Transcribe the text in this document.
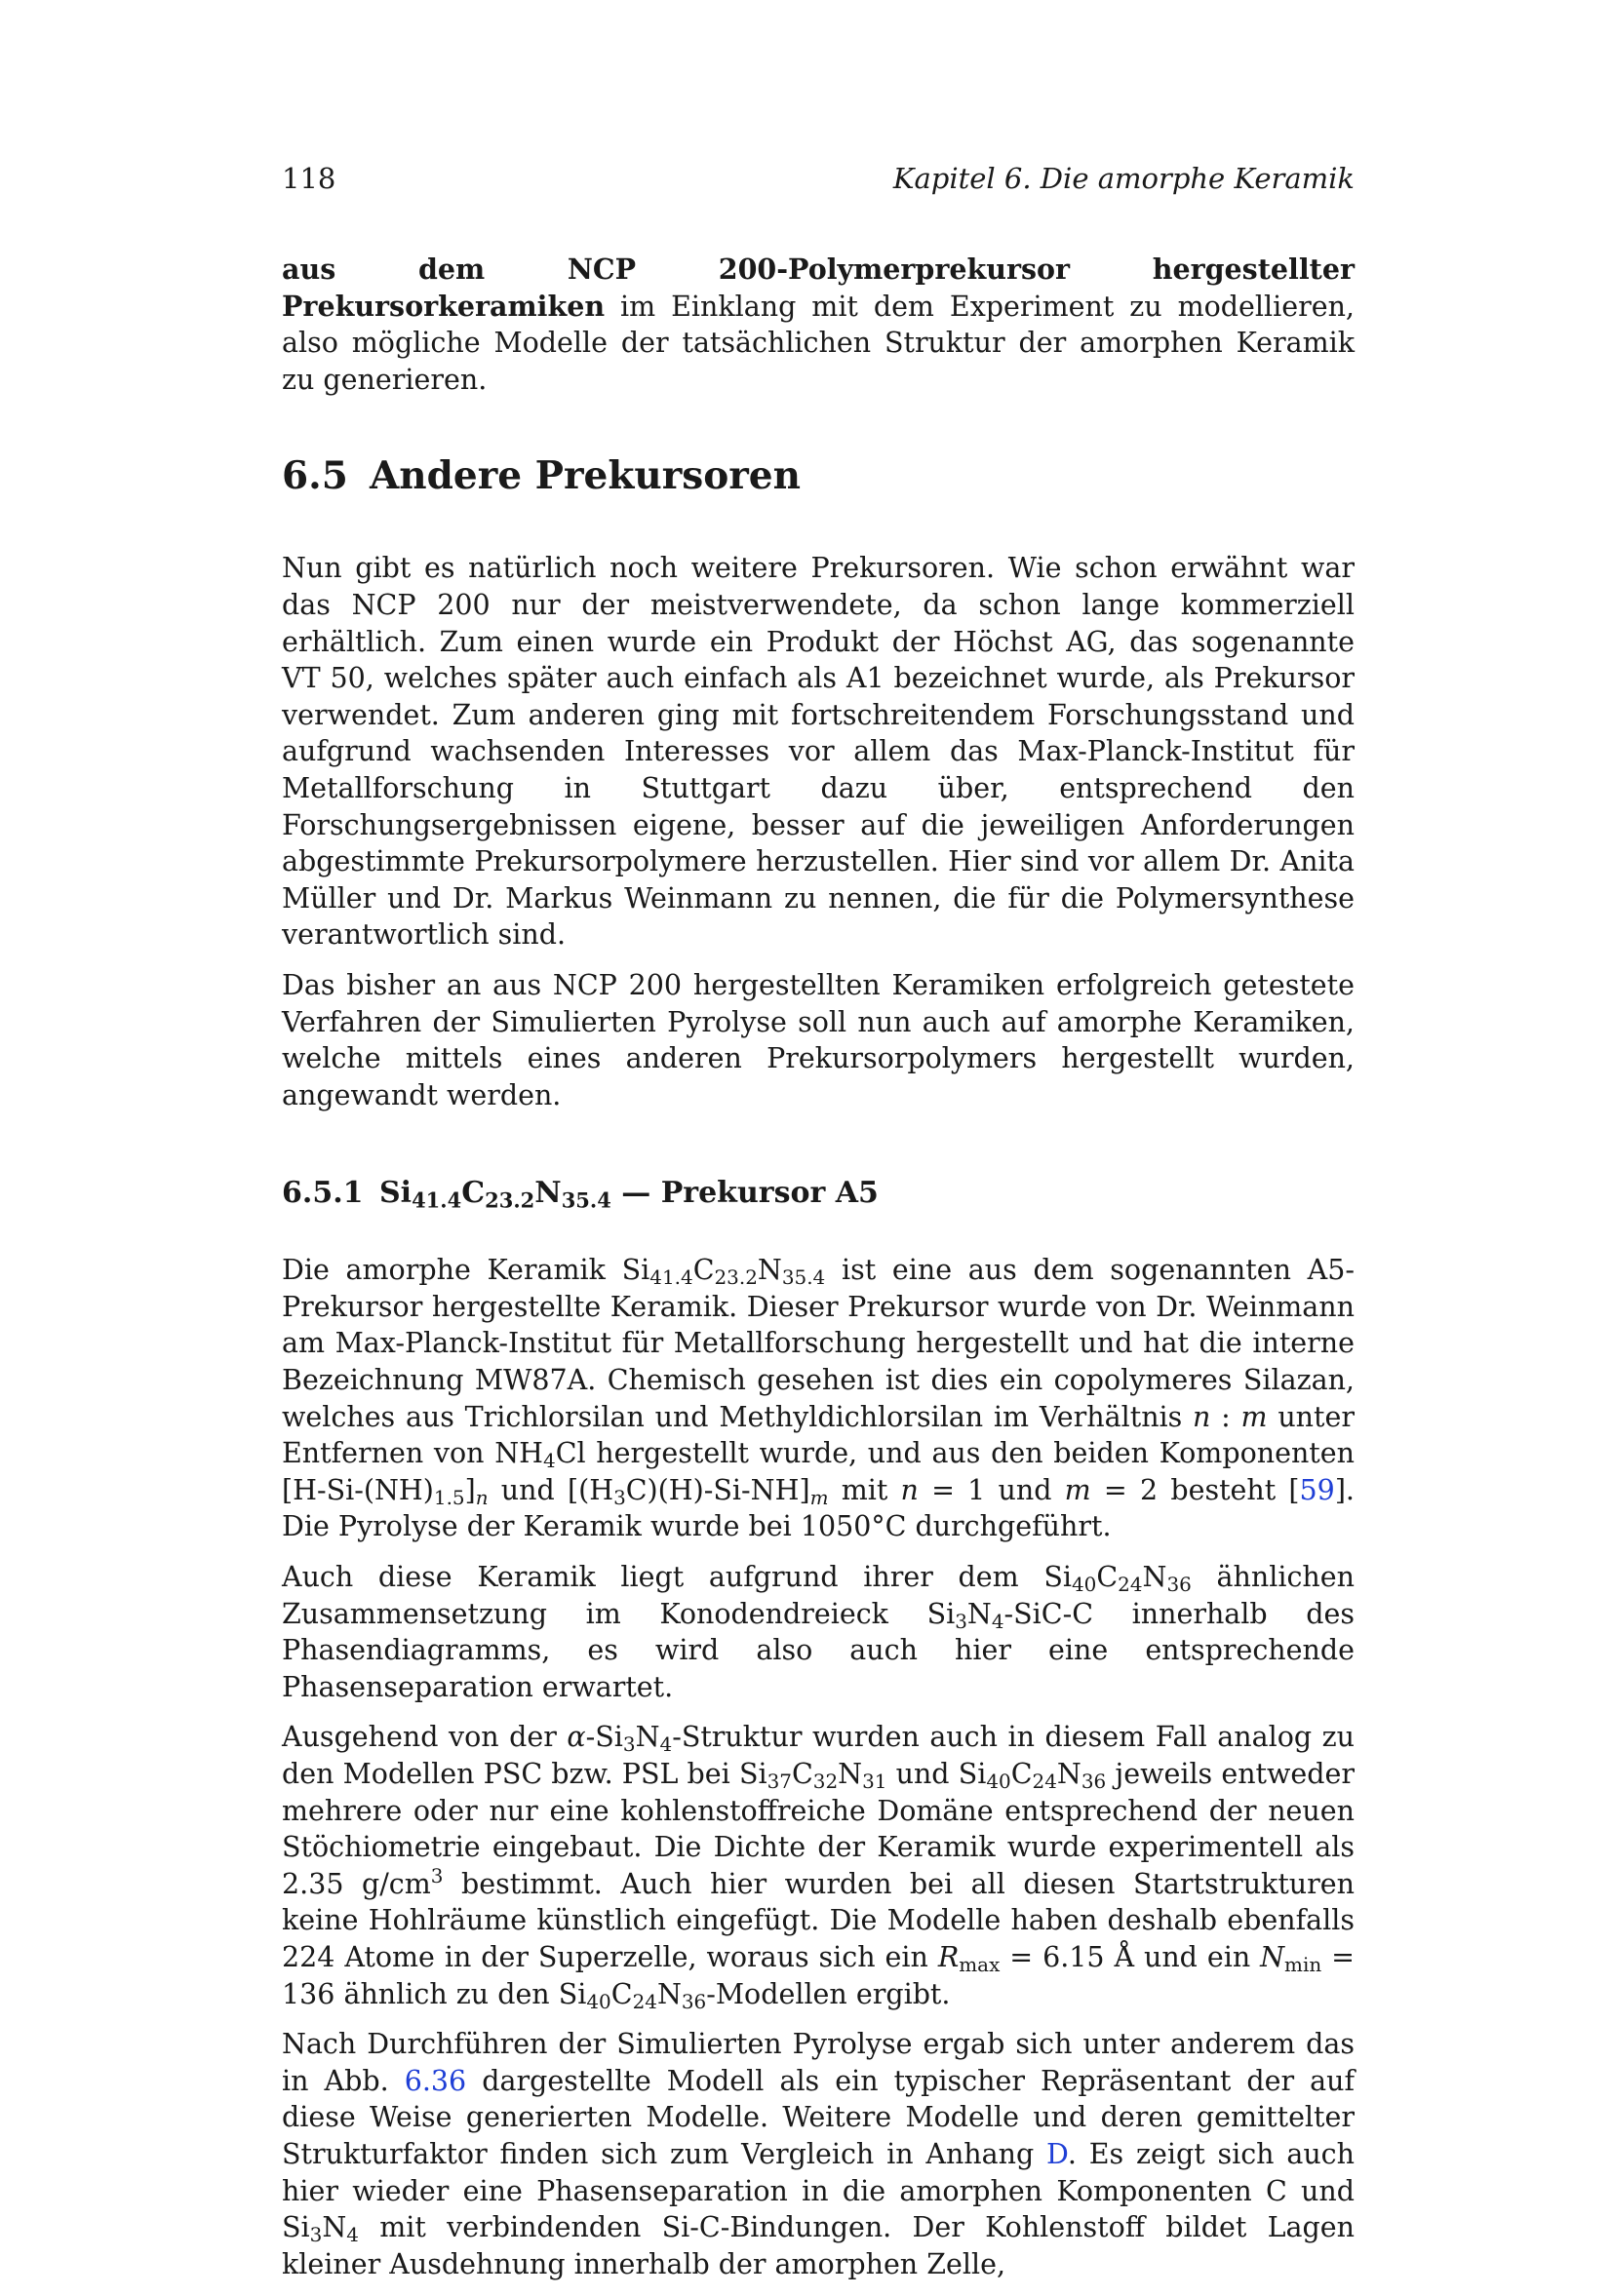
118	Kapitel 6. Die amorphe Keramik

aus dem NCP 200-Polymerprekursor hergestellter Prekursorkeramiken im Einklang mit dem Experiment zu modellieren, also mögliche Modelle der tatsächlichen Struktur der amorphen Keramik zu generieren.

6.5 Andere Prekursoren

Nun gibt es natürlich noch weitere Prekursoren. Wie schon erwähnt war das NCP 200 nur der meistverwendete, da schon lange kommerziell erhältlich. Zum einen wurde ein Produkt der Höchst AG, das sogenannte VT 50, welches später auch einfach als A1 bezeichnet wurde, als Prekursor verwendet. Zum anderen ging mit fortschreitendem Forschungsstand und aufgrund wachsenden Interesses vor allem das Max-Planck-Institut für Metallforschung in Stuttgart dazu über, entsprechend den Forschungsergebnissen eigene, besser auf die jeweiligen Anforderungen abgestimmte Prekursorpolymere herzustellen. Hier sind vor allem Dr. Anita Müller und Dr. Markus Weinmann zu nennen, die für die Polymersynthese verantwortlich sind.

Das bisher an aus NCP 200 hergestellten Keramiken erfolgreich getestete Verfahren der Simulierten Pyrolyse soll nun auch auf amorphe Keramiken, welche mittels eines anderen Prekursorpolymers hergestellt wurden, angewandt werden.

6.5.1 $Si_{41.4}C_{23.2}N_{35.4}$ — Prekursor A5

Die amorphe Keramik $Si_{41.4}C_{23.2}N_{35.4}$ ist eine aus dem sogenannten A5-Prekursor hergestellte Keramik. Dieser Prekursor wurde von Dr. Weinmann am Max-Planck-Institut für Metallforschung hergestellt und hat die interne Bezeichnung MW87A. Chemisch gesehen ist dies ein copolymeres Silazan, welches aus Trichlorsilan und Methyldichlorsilan im Verhältnis n : m unter Entfernen von $NH_4Cl$ hergestellt wurde, und aus den beiden Komponenten $[H-Si-(NH)_{1.5}]_n$ und $[(H_3C)(H)-Si-NH]_m$ mit n = 1 und m = 2 besteht [59]. Die Pyrolyse der Keramik wurde bei 1050°C durchgeführt.

Auch diese Keramik liegt aufgrund ihrer dem $Si_{40}C_{24}N_{36}$ ähnlichen Zusammensetzung im Konodendreieck $Si_3N_4-SiC-C$ innerhalb des Phasendiagramms, es wird also auch hier eine entsprechende Phasenseparation erwartet.

Ausgehend von der $\alpha-Si_3N_4$-Struktur wurden auch in diesem Fall analog zu den Modellen PSC bzw. PSL bei $Si_{37}C_{32}N_{31}$ und $Si_{40}C_{24}N_{36}$ jeweils entweder mehrere oder nur eine kohlenstoffreiche Domäne entsprechend der neuen Stöchiometrie eingebaut. Die Dichte der Keramik wurde experimentell als 2.35 $g/cm^3$ bestimmt. Auch hier wurden bei all diesen Startstrukturen keine Hohlräume künstlich eingefügt. Die Modelle haben deshalb ebenfalls 224 Atome in der Superzelle, woraus sich ein $R_{max} = 6.15$ Å und ein $N_{min} = 136$ ähnlich zu den $Si_{40}C_{24}N_{36}$-Modellen ergibt.

Nach Durchführen der Simulierten Pyrolyse ergab sich unter anderem das in Abb. 6.36 dargestellte Modell als ein typischer Repräsentant der auf diese Weise generierten Modelle. Weitere Modelle und deren gemittelter Strukturfaktor finden sich zum Vergleich in Anhang D. Es zeigt sich auch hier wieder eine Phasenseparation in die amorphen Komponenten C und $Si_3N_4$ mit verbindenden Si-C-Bindungen. Der Kohlenstoff bildet Lagen kleiner Ausdehnung innerhalb der amorphen Zelle,
